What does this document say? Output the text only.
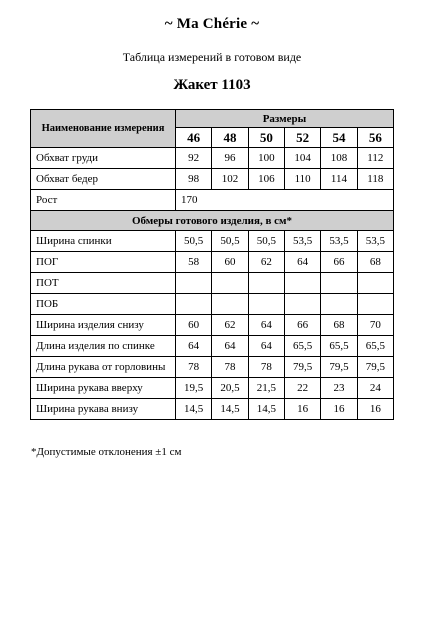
~ Ma Chérie ~
Таблица измерений в готовом виде
Жакет 1103
Наименование измерения	Размеры					
	46	48	50	52	54	56
Обхват груди	92	96	100	104	108	112
Обхват бедер	98	102	106	110	114	118
Рост	170					
Обмеры готового изделия, в см*						
Ширина спинки	50,5	50,5	50,5	53,5	53,5	53,5
ПОГ	58	60	62	64	66	68
ПОТ						
ПОБ						
Ширина изделия снизу	60	62	64	66	68	70
Длина изделия по спинке	64	64	64	65,5	65,5	65,5
Длина рукава от горловины	78	78	78	79,5	79,5	79,5
Ширина рукава вверху	19,5	20,5	21,5	22	23	24
Ширина рукава внизу	14,5	14,5	14,5	16	16	16
*Допустимые отклонения ±1 см
